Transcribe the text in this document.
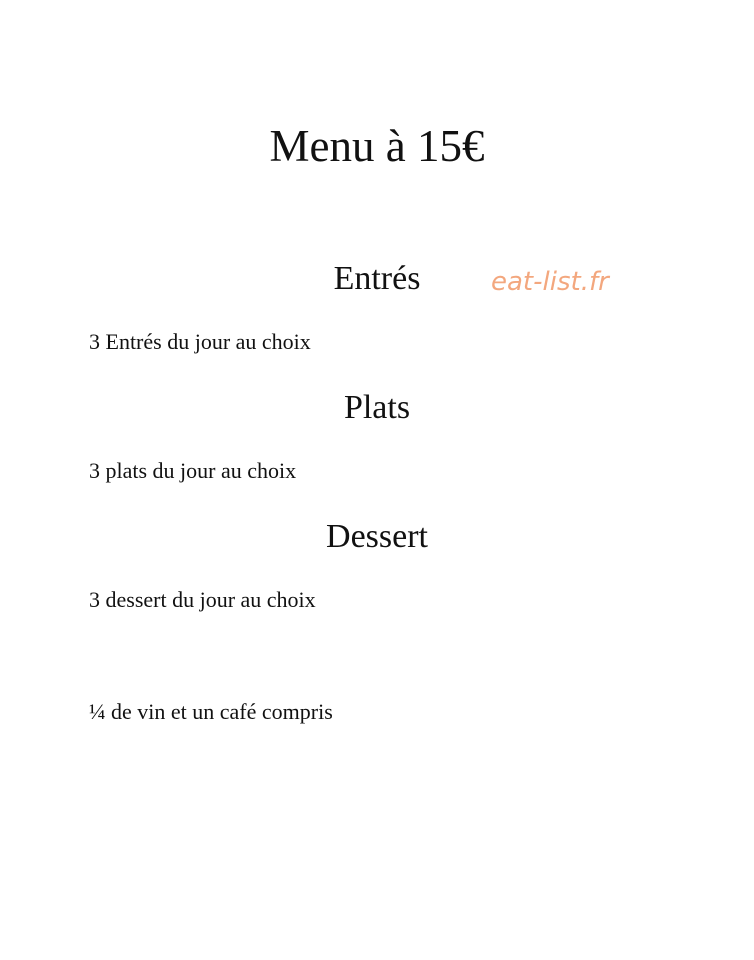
Menu à 15€
Entrés	eat-list.fr

3 Entrés du jour au choix

Plats

3 plats du jour au choix

Dessert

3 dessert du jour au choix

¼ de vin et un café compris
